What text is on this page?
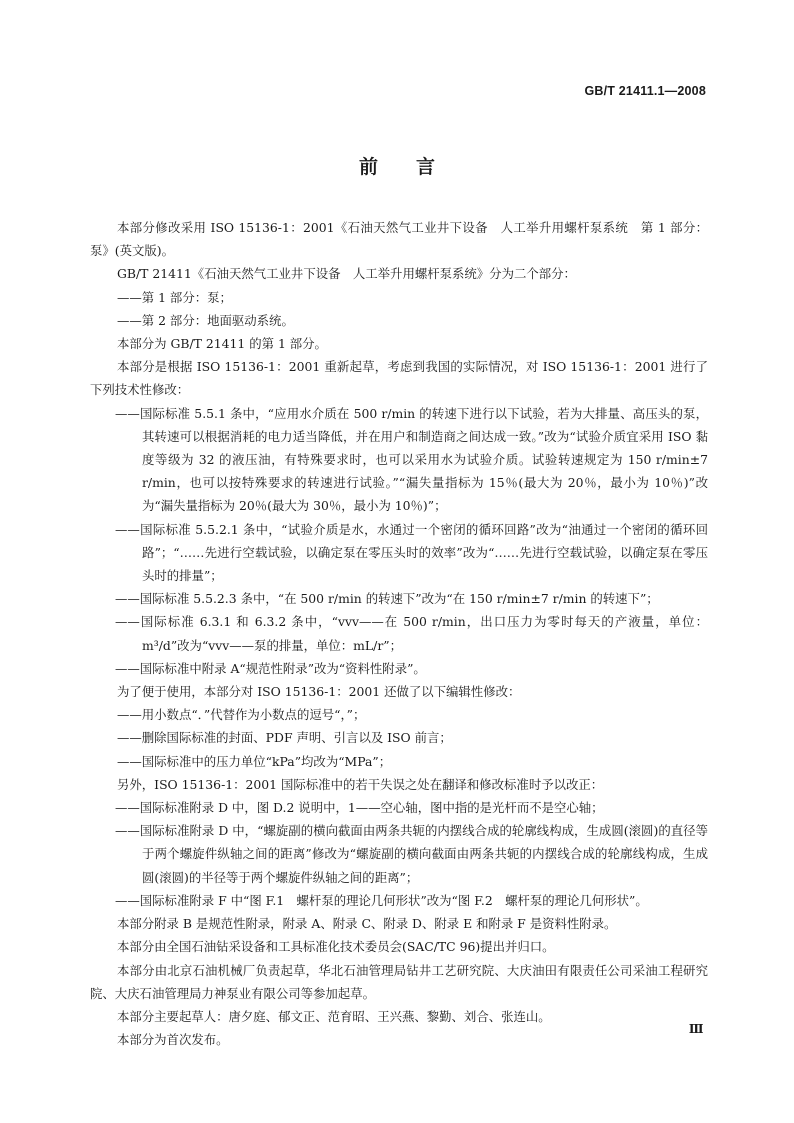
GB/T 21411.1—2008
前言

本部分修改采用 ISO 15136-1：2001《石油天然气工业井下设备　人工举升用螺杆泵系统　第 1 部分：泵》(英文版)。

GB/T 21411《石油天然气工业井下设备　人工举升用螺杆泵系统》分为二个部分：

——第 1 部分：泵；

——第 2 部分：地面驱动系统。

本部分为 GB/T 21411 的第 1 部分。

本部分是根据 ISO 15136-1：2001 重新起草，考虑到我国的实际情况，对 ISO 15136-1：2001 进行了下列技术性修改：

——国际标准 5.5.1 条中，“应用水介质在 500 r/min 的转速下进行以下试验，若为大排量、高压头的泵，其转速可以根据消耗的电力适当降低，并在用户和制造商之间达成一致。”改为“试验介质宜采用 ISO 黏度等级为 32 的液压油，有特殊要求时，也可以采用水为试验介质。试验转速规定为 150 r/min±7 r/min，也可以按特殊要求的转速进行试验。”“漏失量指标为 15％(最大为 20％，最小为 10％)”改为“漏失量指标为 20％(最大为 30％，最小为 10％)”；

——国际标准 5.5.2.1 条中，“试验介质是水，水通过一个密闭的循环回路”改为“油通过一个密闭的循环回路”；“……先进行空载试验，以确定泵在零压头时的效率”改为“……先进行空载试验，以确定泵在零压头时的排量”；

——国际标准 5.5.2.3 条中，“在 500 r/min 的转速下”改为“在 150 r/min±7 r/min 的转速下”；

——国际标准 6.3.1 和 6.3.2 条中，“vvv——在 500 r/min，出口压力为零时每天的产液量，单位：m³/d”改为“vvv——泵的排量，单位：mL/r”；

——国际标准中附录 A“规范性附录”改为“资料性附录”。

为了便于使用，本部分对 ISO 15136-1：2001 还做了以下编辑性修改：

——用小数点“．”代替作为小数点的逗号“，”；

——删除国际标准的封面、PDF 声明、引言以及 ISO 前言；

——国际标准中的压力单位“kPa”均改为“MPa”；

另外，ISO 15136-1：2001 国际标准中的若干失误之处在翻译和修改标准时予以改正：

——国际标准附录 D 中，图 D.2 说明中，1——空心轴，图中指的是光杆而不是空心轴；

——国际标准附录 D 中，“螺旋副的横向截面由两条共轭的内摆线合成的轮廓线构成，生成圆(滚圆)的直径等于两个螺旋件纵轴之间的距离”修改为“螺旋副的横向截面由两条共轭的内摆线合成的轮廓线构成，生成圆(滚圆)的半径等于两个螺旋件纵轴之间的距离”；

——国际标准附录 F 中“图 F.1　螺杆泵的理论几何形状”改为“图 F.2　螺杆泵的理论几何形状”。

本部分附录 B 是规范性附录，附录 A、附录 C、附录 D、附录 E 和附录 F 是资料性附录。

本部分由全国石油钻采设备和工具标准化技术委员会(SAC/TC 96)提出并归口。

本部分由北京石油机械厂负责起草，华北石油管理局钻井工艺研究院、大庆油田有限责任公司采油工程研究院、大庆石油管理局力神泵业有限公司等参加起草。

本部分主要起草人：唐夕庭、郁文正、范育昭、王兴燕、黎勤、刘合、张连山。

本部分为首次发布。

Ⅲ
